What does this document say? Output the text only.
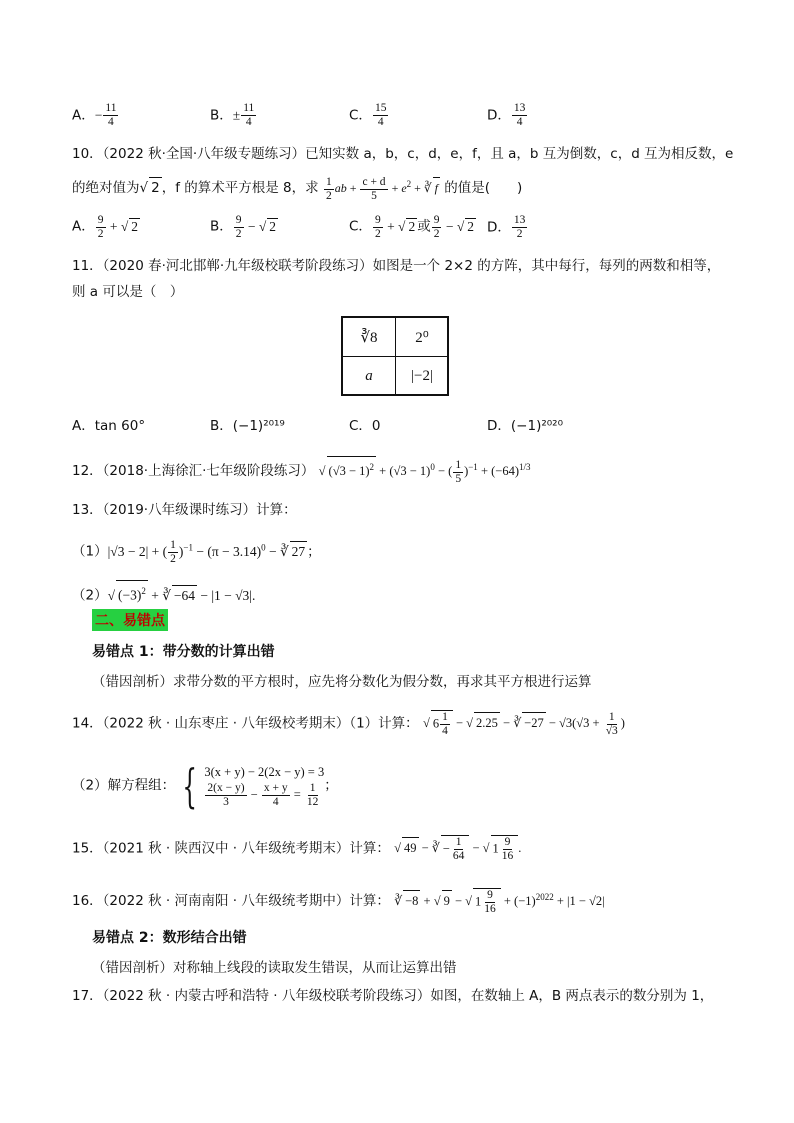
A．− $\frac{11}{4}$	B．± $\frac{11}{4}$	C． $\frac{15}{4}$	D． $\frac{13}{4}$
10．（2022 秋·全国·八年级专题练习）已知实数 a，b，c，d，e，f，且 a，b 互为倒数，c，d 互为相反数，e
的绝对值为√ 2 ，f 的算术平方根是 8，求 $\frac{1}{2}$ ab + $\frac{c + d}{5} + e^2$ + ∛ f 的值是(　　)
A． $\frac{9}{2}$ + √ 2	B． $\frac{9}{2}$ − √ 2	C． $\frac{9}{2}$ + √ 2 或 $\frac{9}{2}$ − √ 2 D． $\frac{13}{2}$
11．（2020 春·河北邯郸·九年级校联考阶段练习）如图是一个 2×2 的方阵，其中每行，每列的两数和相等，
则 a 可以是（　）
∛8	2⁰
a	|−2|
A．tan 60°	B．(−1)²⁰¹⁹	C．0	D．(−1)²⁰²⁰
12．（2018·上海徐汇·七年级阶段练习） √ $(√3 - 1)^2 + (√3 - 1)^0$ − ( $\frac{1}{5} )^{-1} + (-64)^{1/3}$
13．（2019·八年级课时练习）计算：
（1）|√3 − 2| + ( $\frac{1}{2} )^{-1} - (\pi - 3.14)^0$ − ∛ 27 ；
（2）√ $(-3)^2$ + ∛ −64 − |1 − √3|.
二、易错点
易错点 1：带分数的计算出错
（错因剖析）求带分数的平方根时，应先将分数化为假分数，再求其平方根进行运算
14．（2022 秋 · 山东枣庄 · 八年级校考期末）（1）计算： √ $6 \frac{1}{4}$ − √ 2.25 − ∛ $-27 - √3(√3 + \frac{1}{√3}$ )
（2）解方程组： { 3(x + y) − 2(2x − y) = 3
$\frac{2(x - y)}{3} - \frac{x + y}{4} = \frac{1}{12}$ ；
15．（2021 秋 · 陕西汉中 · 八年级统考期末）计算： √ 49 − ∛ − $\frac{1}{64}$ − √ $1 \frac{9}{16}$ .
16．（2022 秋 · 河南南阳 · 八年级统考期中）计算： ∛ −8 + √ 9 − √ $1 \frac{9}{16} + (-1)^{2022} + |1 - √2|$
易错点 2：数形结合出错
（错因剖析）对称轴上线段的读取发生错误，从而让运算出错
17．（2022 秋 · 内蒙古呼和浩特 · 八年级校联考阶段练习）如图，在数轴上 A，B 两点表示的数分别为 1，
